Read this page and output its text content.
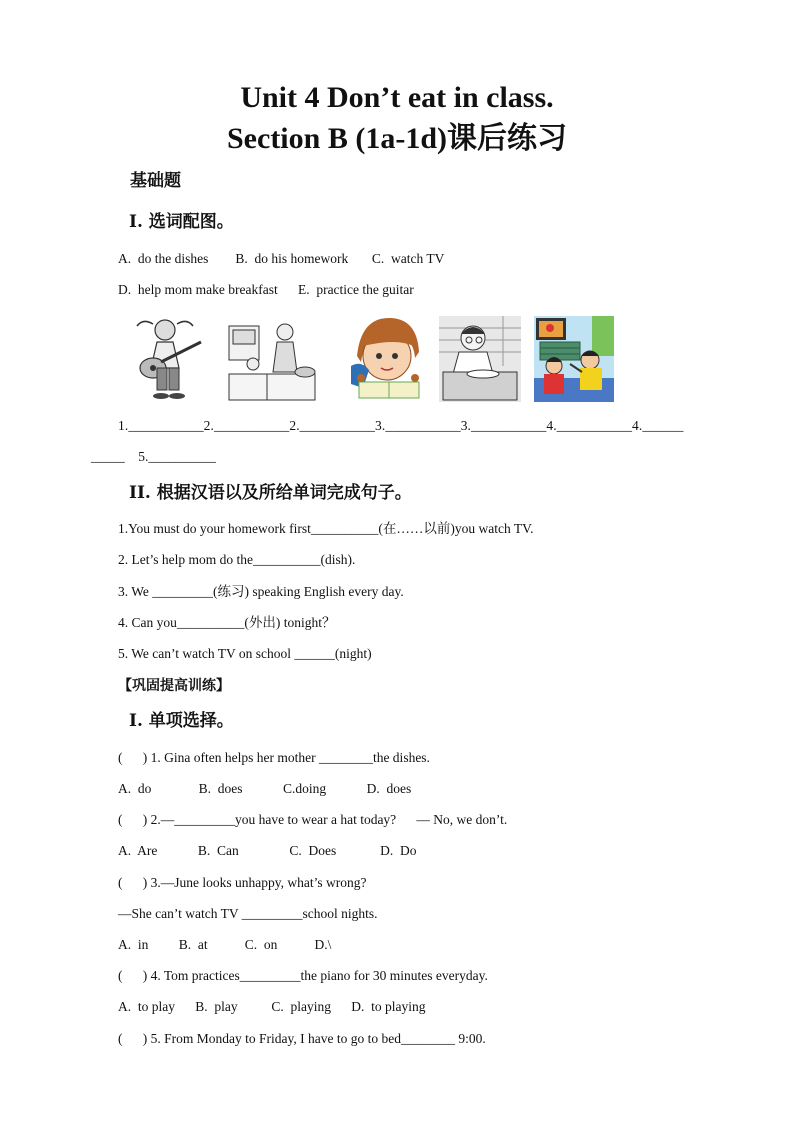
Unit 4 Don’t eat in class.
Section B (1a-1d)课后练习
基础题
I. 选词配图。
A.  do the dishes        B.  do his homework       C.  watch TV
D.  help mom make breakfast      E.  practice the guitar
1.___________2.___________2.___________3.___________3.___________4.___________4.______
_____    5.__________
II. 根据汉语以及所给单词完成句子。
1.You must do your homework first__________(在……以前)you watch TV.
2. Let’s help mom do the__________(dish).
3. We _________(练习) speaking English every day.
4. Can you__________(外出) tonight？
5. We can’t watch TV on school ______(night)
【巩固提高训练】
I. 单项选择。
(      ) 1. Gina often helps her mother ________the dishes.
A.  do              B.  does            C.doing            D.  does
(      ) 2.—_________you have to wear a hat today?      — No, we don’t.
A.  Are            B.  Can               C.  Does             D.  Do
(      ) 3.—June looks unhappy, what’s wrong?
—She can’t watch TV _________school nights.
A.  in         B.  at           C.  on           D.\
(      ) 4. Tom practices_________the piano for 30 minutes everyday.
A.  to play      B.  play          C.  playing      D.  to playing
(      ) 5. From Monday to Friday, I have to go to bed________ 9:00.
